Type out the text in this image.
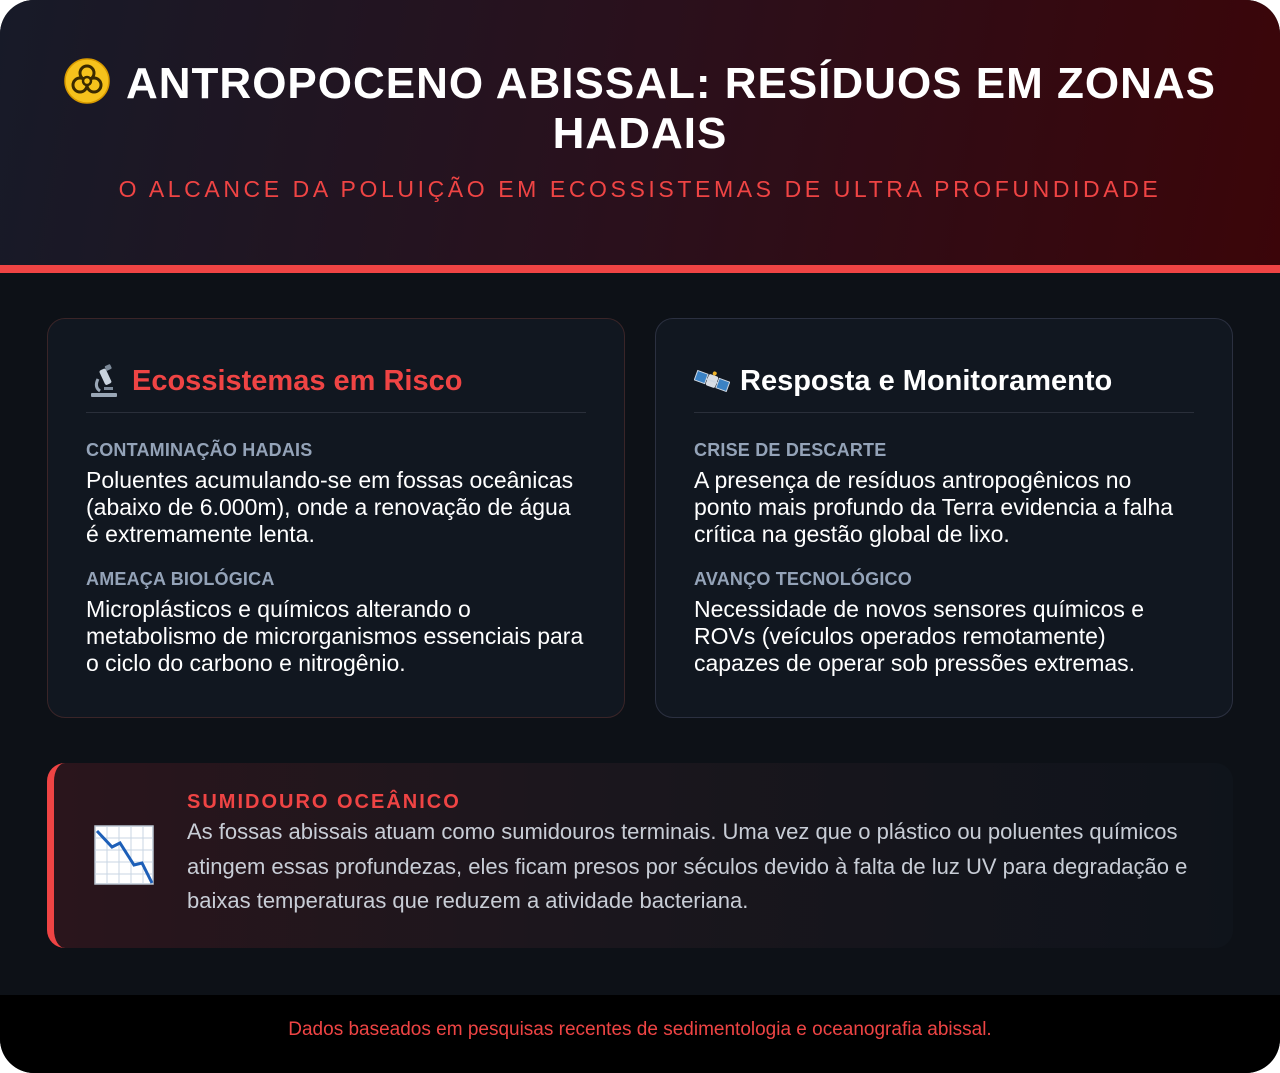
ANTROPOCENO ABISSAL: RESÍDUOS EM ZONAS HADAIS
O ALCANCE DA POLUIÇÃO EM ECOSSISTEMAS DE ULTRA PROFUNDIDADE
Ecossistemas em Risco
CONTAMINAÇÃO HADAIS
Poluentes acumulando-se em fossas oceânicas (abaixo de 6.000m), onde a renovação de água é extremamente lenta.
AMEAÇA BIOLÓGICA
Microplásticos e químicos alterando o metabolismo de microrganismos essenciais para o ciclo do carbono e nitrogênio.
Resposta e Monitoramento
CRISE DE DESCARTE
A presença de resíduos antropogênicos no ponto mais profundo da Terra evidencia a falha crítica na gestão global de lixo.
AVANÇO TECNOLÓGICO
Necessidade de novos sensores químicos e ROVs (veículos operados remotamente) capazes de operar sob pressões extremas.
SUMIDOURO OCEÂNICO
As fossas abissais atuam como sumidouros terminais. Uma vez que o plástico ou poluentes químicos atingem essas profundezas, eles ficam presos por séculos devido à falta de luz UV para degradação e baixas temperaturas que reduzem a atividade bacteriana.
Dados baseados em pesquisas recentes de sedimentologia e oceanografia abissal.
